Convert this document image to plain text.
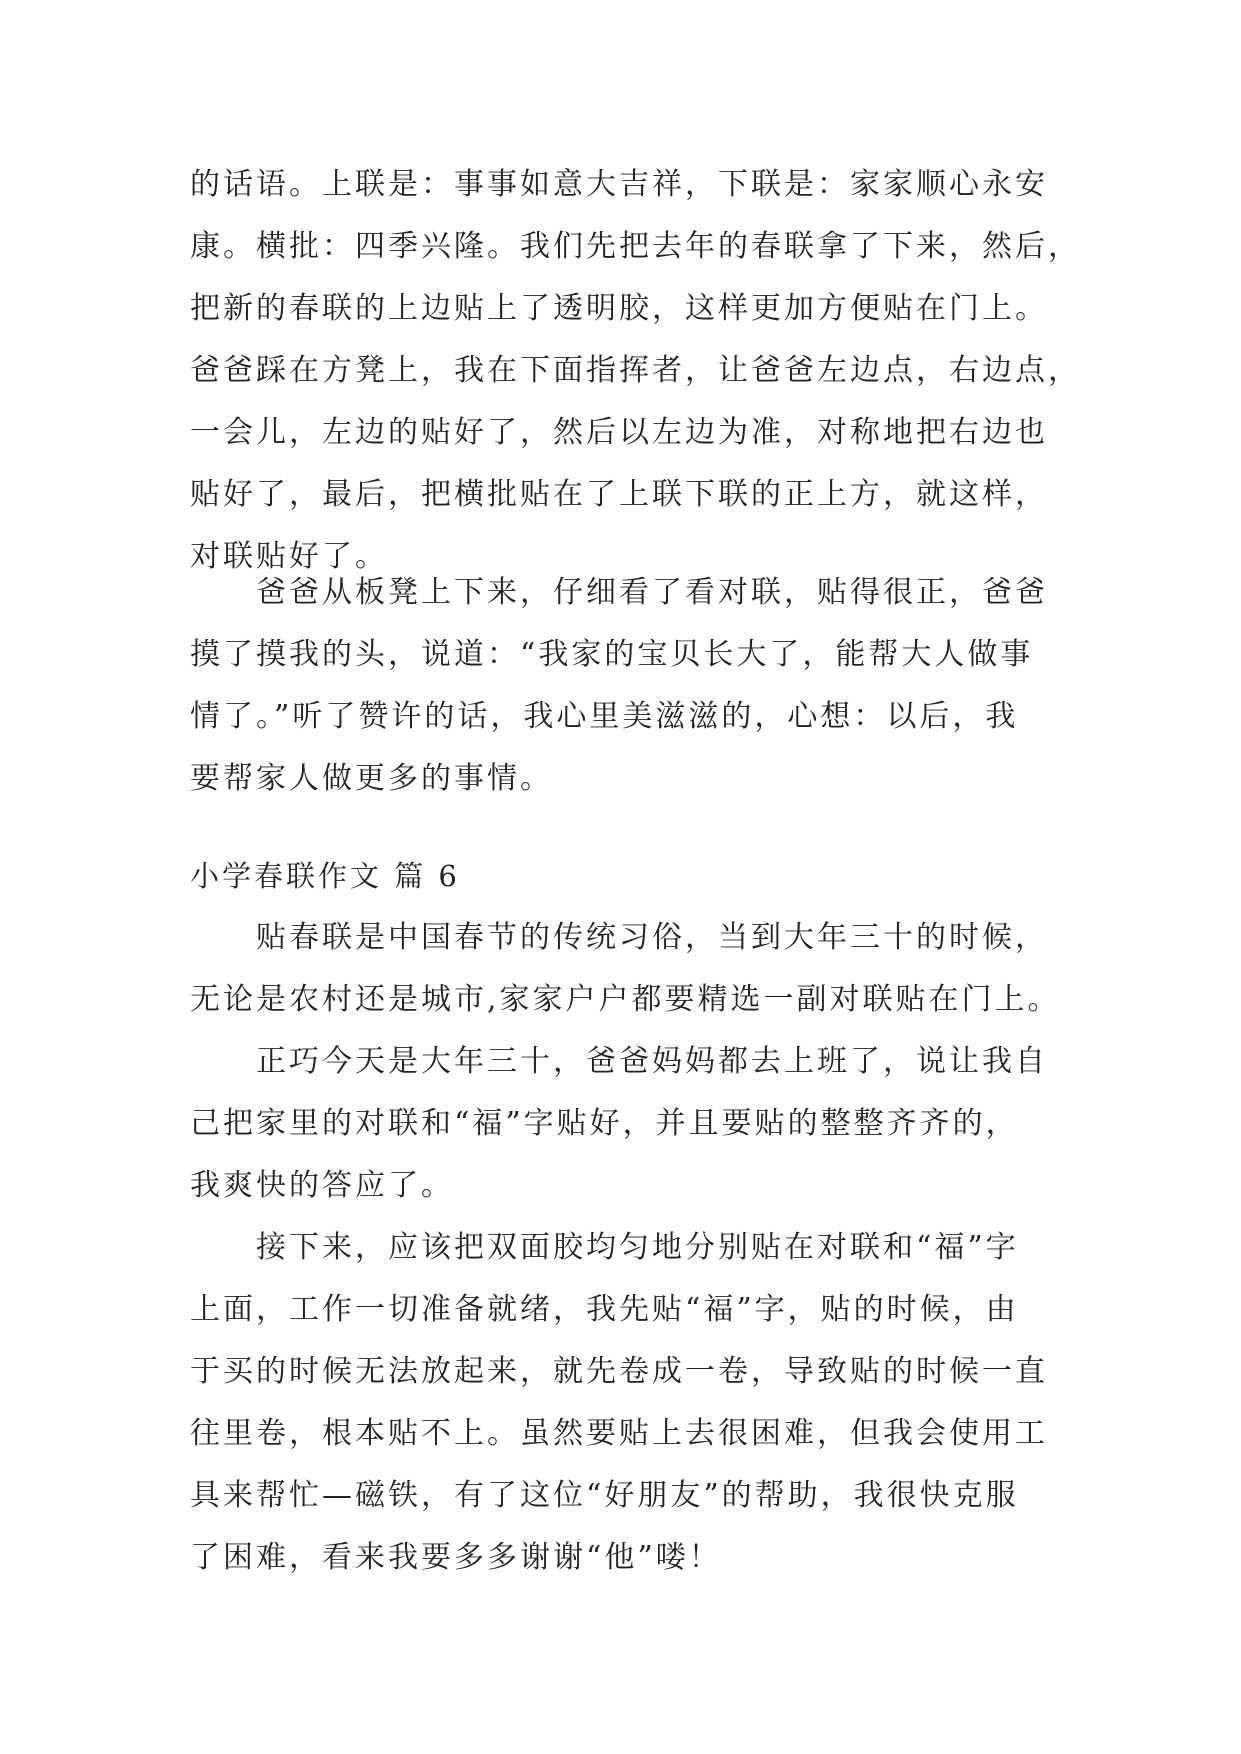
的话语。上联是：事事如意大吉祥，下联是：家家顺心永安

康。横批：四季兴隆。我们先把去年的春联拿了下来，然后，

把新的春联的上边贴上了透明胶，这样更加方便贴在门上。

爸爸踩在方凳上，我在下面指挥者，让爸爸左边点，右边点，

一会儿，左边的贴好了，然后以左边为准，对称地把右边也

贴好了，最后，把横批贴在了上联下联的正上方，就这样，

对联贴好了。

爸爸从板凳上下来，仔细看了看对联，贴得很正，爸爸

摸了摸我的头，说道：“我家的宝贝长大了，能帮大人做事

情了。”听了赞许的话，我心里美滋滋的，心想：以后，我

要帮家人做更多的事情。

小学春联作文 篇 6

贴春联是中国春节的传统习俗，当到大年三十的时候，

无论是农村还是城市,家家户户都要精选一副对联贴在门上。

正巧今天是大年三十，爸爸妈妈都去上班了，说让我自

己把家里的对联和“福”字贴好，并且要贴的整整齐齐的，

我爽快的答应了。

接下来，应该把双面胶均匀地分别贴在对联和“福”字

上面，工作一切准备就绪，我先贴“福”字，贴的时候，由

于买的时候无法放起来，就先卷成一卷，导致贴的时候一直

往里卷，根本贴不上。虽然要贴上去很困难，但我会使用工

具来帮忙—磁铁，有了这位“好朋友”的帮助，我很快克服

了困难，看来我要多多谢谢“他”喽！
